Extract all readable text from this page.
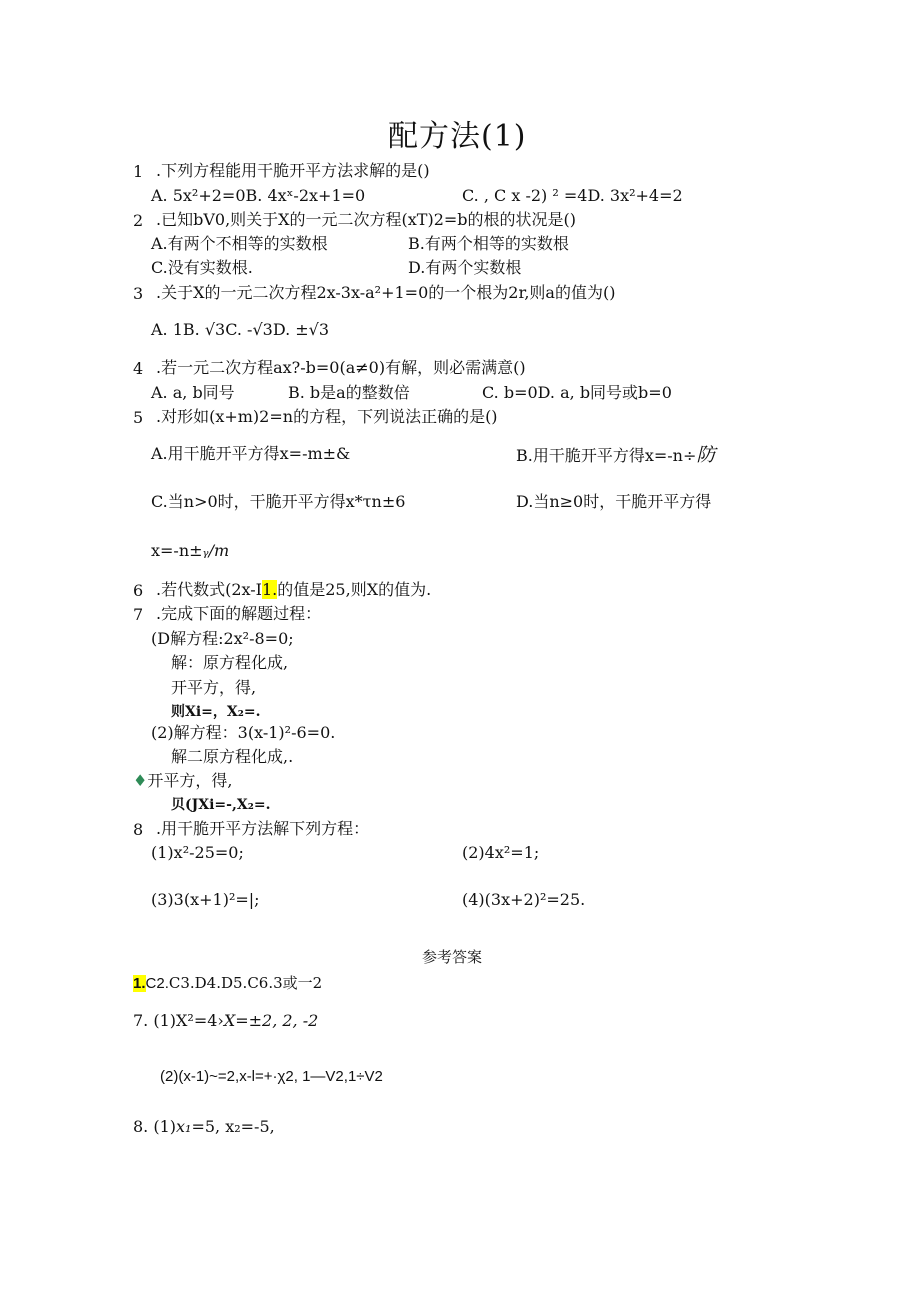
配方法(1)
1 .下列方程能用干脆开平方法求解的是()
A. 5x²+2=0B. 4xˣ-2x+1=0	C. , C x -2) ² =4D. 3x²+4=2
2 .已知bV0,则关于X的一元二次方程(xT)2=b的根的状况是()
A.有两个不相等的实数根	B.有两个相等的实数根
C.没有实数根.	D.有两个实数根
3 .关于X的一元二次方程2x-3x-a²+1=0的一个根为2r,则a的值为()
A. 1B. √3C. -√3D. ±√3
4 .若一元二次方程ax?-b=0(a≠0)有解，则必需满意()
A. a, b同号	B. b是a的整数倍	C. b=0D. a, b同号或b=0
5 .对形如(x+m)2=n的方程，下列说法正确的是()
A.用干脆开平方得x=-m±&	B.用干脆开平方得x=-n÷防
C.当n>0时，干脆开平方得x*τn±6	D.当n≥0时，干脆开平方得
x=-n±ᵧ/m
6 .若代数式(2x-I1.的值是25,则X的值为.
7 .完成下面的解题过程：
(D解方程:2x²-8=0;
解：原方程化成,
开平方，得,
则Xi=，X₂=.
(2)解方程：3(x-1)²-6=0.
解二原方程化成,.
♦开平方，得,
贝(JXi=-,X₂=.
8 .用干脆开平方法解下列方程：
(1)x²-25=0;	(2)4x²=1;
(3)3(x+1)²=|;	(4)(3x+2)²=25.
参考答案
1.C2.C3.D4.D5.C6.3或一2
7. (1)X²=4›X=±2, 2, -2
(2)(x-1)~=2,x-l=+·χ2, 1—V2,1÷V2
8. (1)x₁=5, x₂=-5,
